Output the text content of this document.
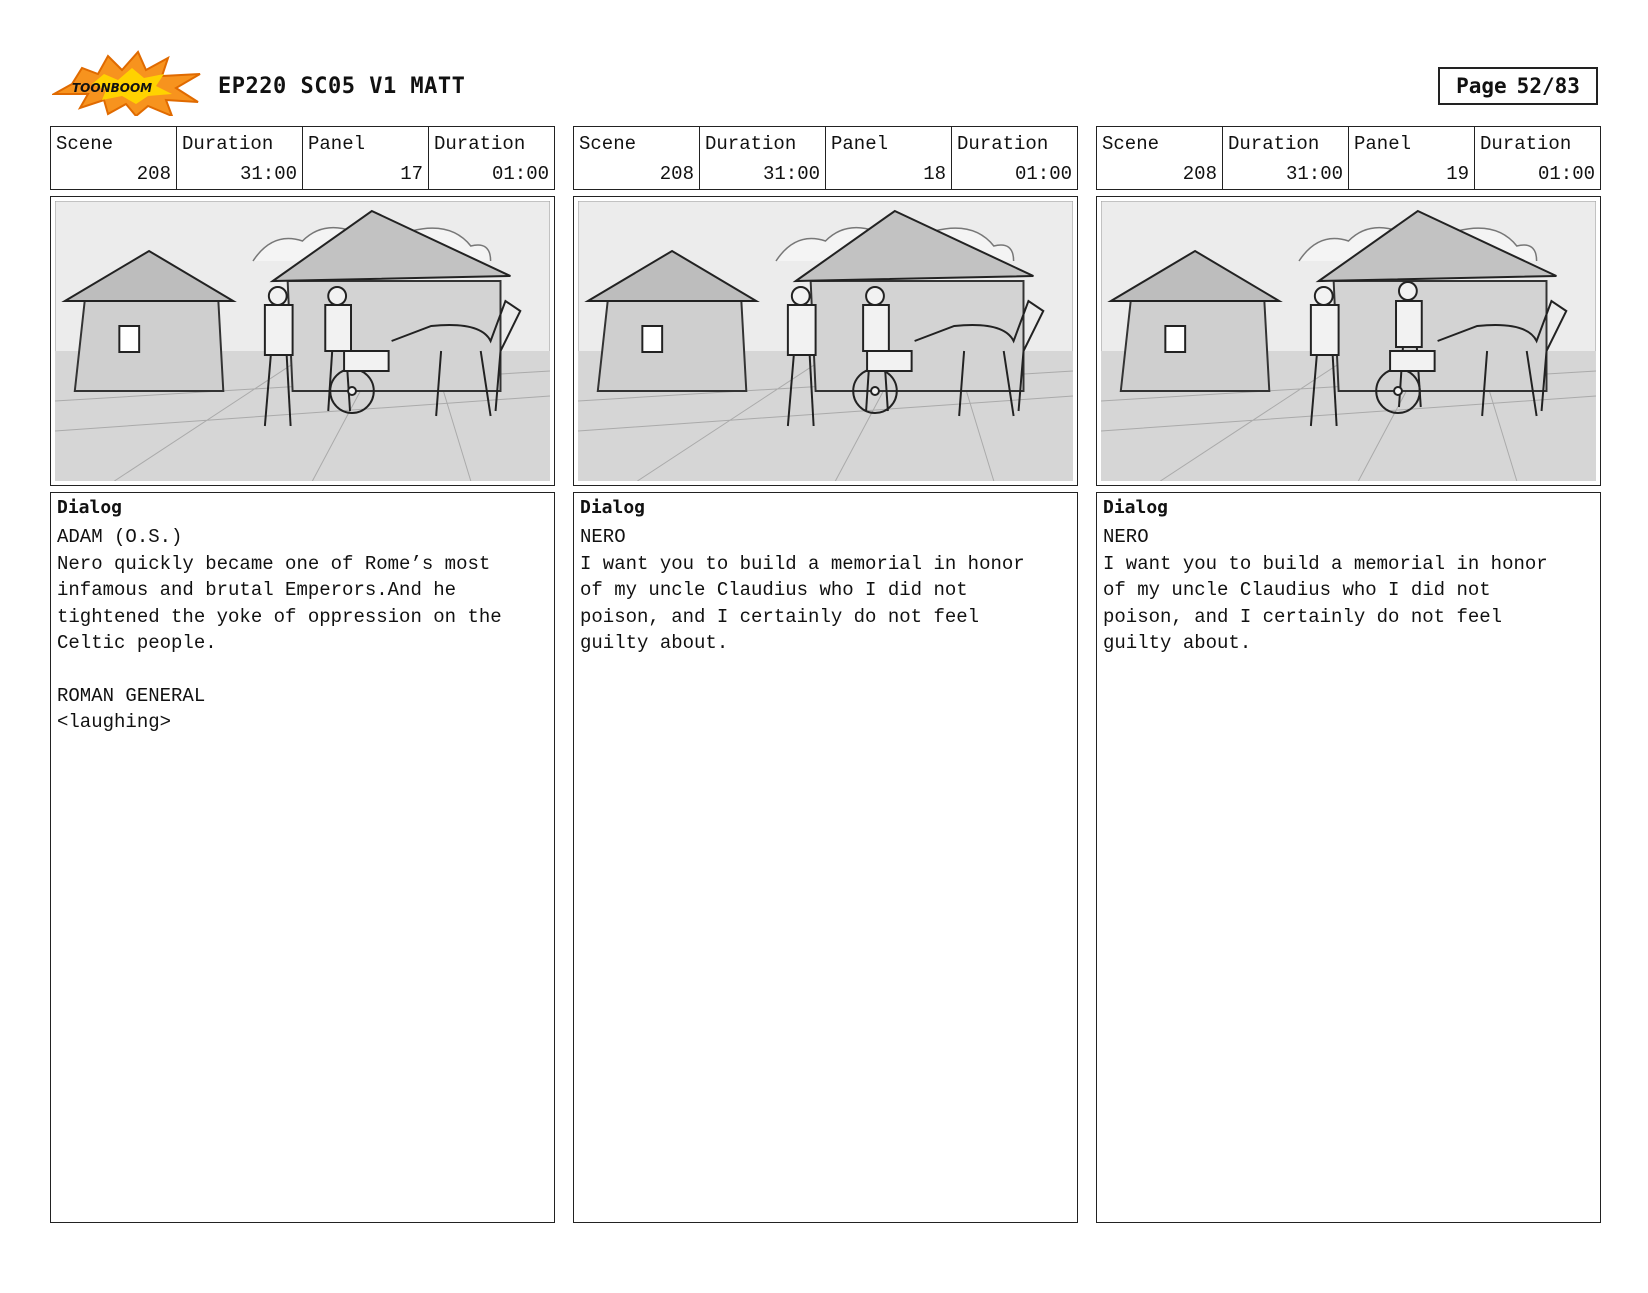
TOONBOOM	EP220 SC05 V1 MATT	Page 52/83
Scene
208
Duration
31:00
Panel
17
Duration
01:00
Dialog

ADAM (O.S.)

Nero quickly became one of Rome’s most
infamous and brutal Emperors.And he
tightened the yoke of oppression on the
Celtic people.

ROMAN GENERAL

<laughing>

Scene
208
Duration
31:00
Panel
18
Duration
01:00
Dialog

NERO

I want you to build a memorial in honor
of my uncle Claudius who I did not
poison, and I certainly do not feel
guilty about.

Scene
208
Duration
31:00
Panel
19
Duration
01:00
Dialog

NERO

I want you to build a memorial in honor
of my uncle Claudius who I did not
poison, and I certainly do not feel
guilty about.
